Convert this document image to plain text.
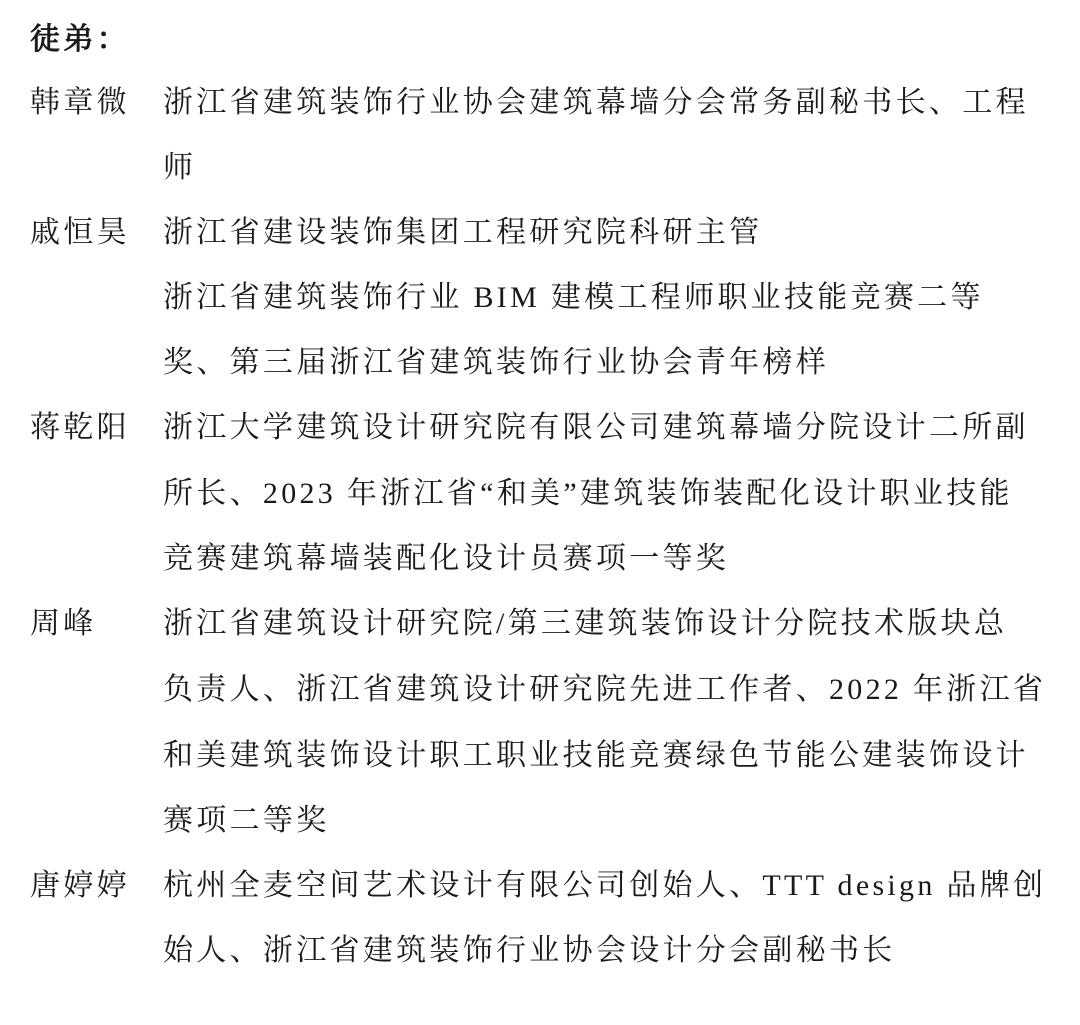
徒弟：
韩章微 浙江省建筑装饰行业协会建筑幕墙分会常务副秘书长、工程
师
戚恒昊 浙江省建设装饰集团工程研究院科研主管
浙江省建筑装饰行业 BIM 建模工程师职业技能竞赛二等
奖、第三届浙江省建筑装饰行业协会青年榜样
蒋乾阳 浙江大学建筑设计研究院有限公司建筑幕墙分院设计二所副
所长、2023 年浙江省“和美”建筑装饰装配化设计职业技能
竞赛建筑幕墙装配化设计员赛项一等奖
周峰 浙江省建筑设计研究院/第三建筑装饰设计分院技术版块总
负责人、浙江省建筑设计研究院先进工作者、2022 年浙江省
和美建筑装饰设计职工职业技能竞赛绿色节能公建装饰设计
赛项二等奖
唐婷婷 杭州全麦空间艺术设计有限公司创始人、TTT design 品牌创
始人、浙江省建筑装饰行业协会设计分会副秘书长
